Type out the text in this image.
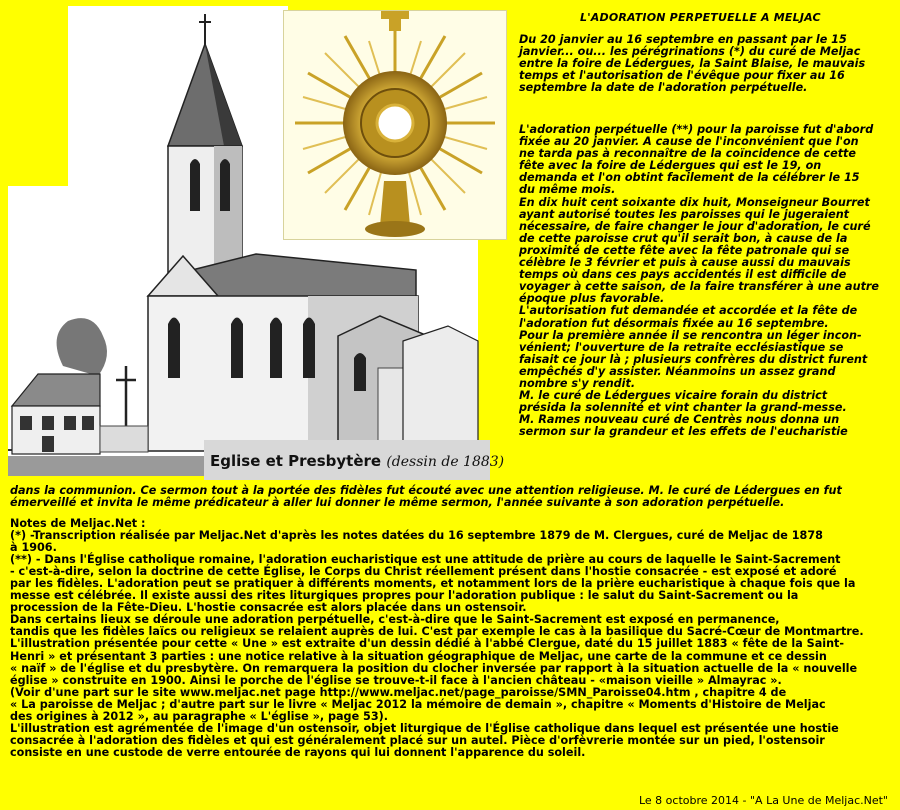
Eglise et Presbytère (dessin de 1883)
L'ADORATION PERPETUELLE A MELJAC
Du 20 janvier au 16 septembre en passant par le 15
janvier... ou... les pérégrinations (*) du curé de Meljac
entre la foire de Lédergues, la Saint Blaise, le mauvais
temps et l'autorisation de l'évêque pour fixer au 16
septembre la date de l'adoration perpétuelle.
L'adoration perpétuelle (**) pour la paroisse fut d'abord
fixée au 20 janvier. A cause de l'inconvénient que l'on
ne tarda pas à reconnaître de la coïncidence de cette
fête avec la foire de Lédergues qui est le 19, on
demanda et l'on obtint facilement de la célébrer le 15
du même mois.
En dix huit cent soixante dix huit, Monseigneur Bourret
ayant autorisé toutes les paroisses qui le jugeraient
nécessaire, de faire changer le jour d'adoration, le curé
de cette paroisse crut qu'il serait bon, à cause de la
proximité de cette fête avec la fête patronale qui se
célèbre le 3 février et puis à cause aussi du mauvais
temps où dans ces pays accidentés il est difficile de
voyager à cette saison, de la faire transférer à une autre
époque plus favorable.
L'autorisation fut demandée et accordée et la fête de
l'adoration fut désormais fixée au 16 septembre.
Pour la première année il se rencontra un léger incon-
vénient; l'ouverture de la retraite ecclésiastique se
faisait ce jour là ; plusieurs confrères du district furent
empêchés d'y assister. Néanmoins un assez grand
nombre s'y rendit.
M. le curé de Lédergues vicaire forain du district
présida la solennité et vint chanter la grand-messe.
M. Rames nouveau curé de Centrès nous donna un
sermon sur la grandeur et les effets de l'eucharistie
dans la communion. Ce sermon tout à la portée des fidèles fut écouté avec une attention religieuse. M. le curé de Lédergues en fut
émerveillé et invita le même prédicateur à aller lui donner le même sermon, l'année suivante à son adoration perpétuelle.
Notes de Meljac.Net :
(*) -Transcription réalisée par Meljac.Net d'après les notes datées du 16 septembre 1879 de M. Clergues, curé de Meljac de 1878
à 1906.
(**) - Dans l'Église catholique romaine, l'adoration eucharistique est une attitude de prière au cours de laquelle le Saint-Sacrement
- c'est-à-dire, selon la doctrine de cette Église, le Corps du Christ réellement présent dans l'hostie consacrée - est exposé et adoré
par les fidèles. L'adoration peut se pratiquer à différents moments, et notamment lors de la prière eucharistique à chaque fois que la
messe est célébrée. Il existe aussi des rites liturgiques propres pour l'adoration publique : le salut du Saint-Sacrement ou la
procession de la Fête-Dieu. L'hostie consacrée est alors placée dans un ostensoir.
Dans certains lieux se déroule une adoration perpétuelle, c'est-à-dire que le Saint-Sacrement est exposé en permanence,
tandis que les fidèles laïcs ou religieux se relaient auprès de lui. C'est par exemple le cas à la basilique du Sacré-Cœur de Montmartre.
L'illustration présentée pour cette « Une » est extraite d'un dessin dédié à l'abbé Clergue, daté du 15 juillet 1883 « fête de la Saint-
Henri » et présentant 3 parties : une notice relative à la situation géographique de Meljac, une carte de la commune et ce dessin
« naïf » de l'église et du presbytère. On remarquera la position du clocher inversée par rapport à la situation actuelle de la « nouvelle
église » construite en 1900. Ainsi le porche de l'église se trouve-t-il face à l'ancien château - «maison vieille » Almayrac ».
(Voir d'une part sur le site www.meljac.net page http://www.meljac.net/page_paroisse/SMN_Paroisse04.htm , chapitre 4 de
« La paroisse de Meljac ; d'autre part sur le livre « Meljac 2012 la mémoire de demain », chapitre « Moments d'Histoire de Meljac
des origines à 2012 », au paragraphe « L'église », page 53).
L'illustration est agrémentée de l'image d'un ostensoir, objet liturgique de l'Église catholique dans lequel est présentée une hostie
consacrée à l'adoration des fidèles et qui est généralement placé sur un autel. Pièce d'orfèvrerie montée sur un pied, l'ostensoir
consiste en une custode de verre entourée de rayons qui lui donnent l'apparence du soleil.
Le 8 octobre 2014 - "A La Une de Meljac.Net"
